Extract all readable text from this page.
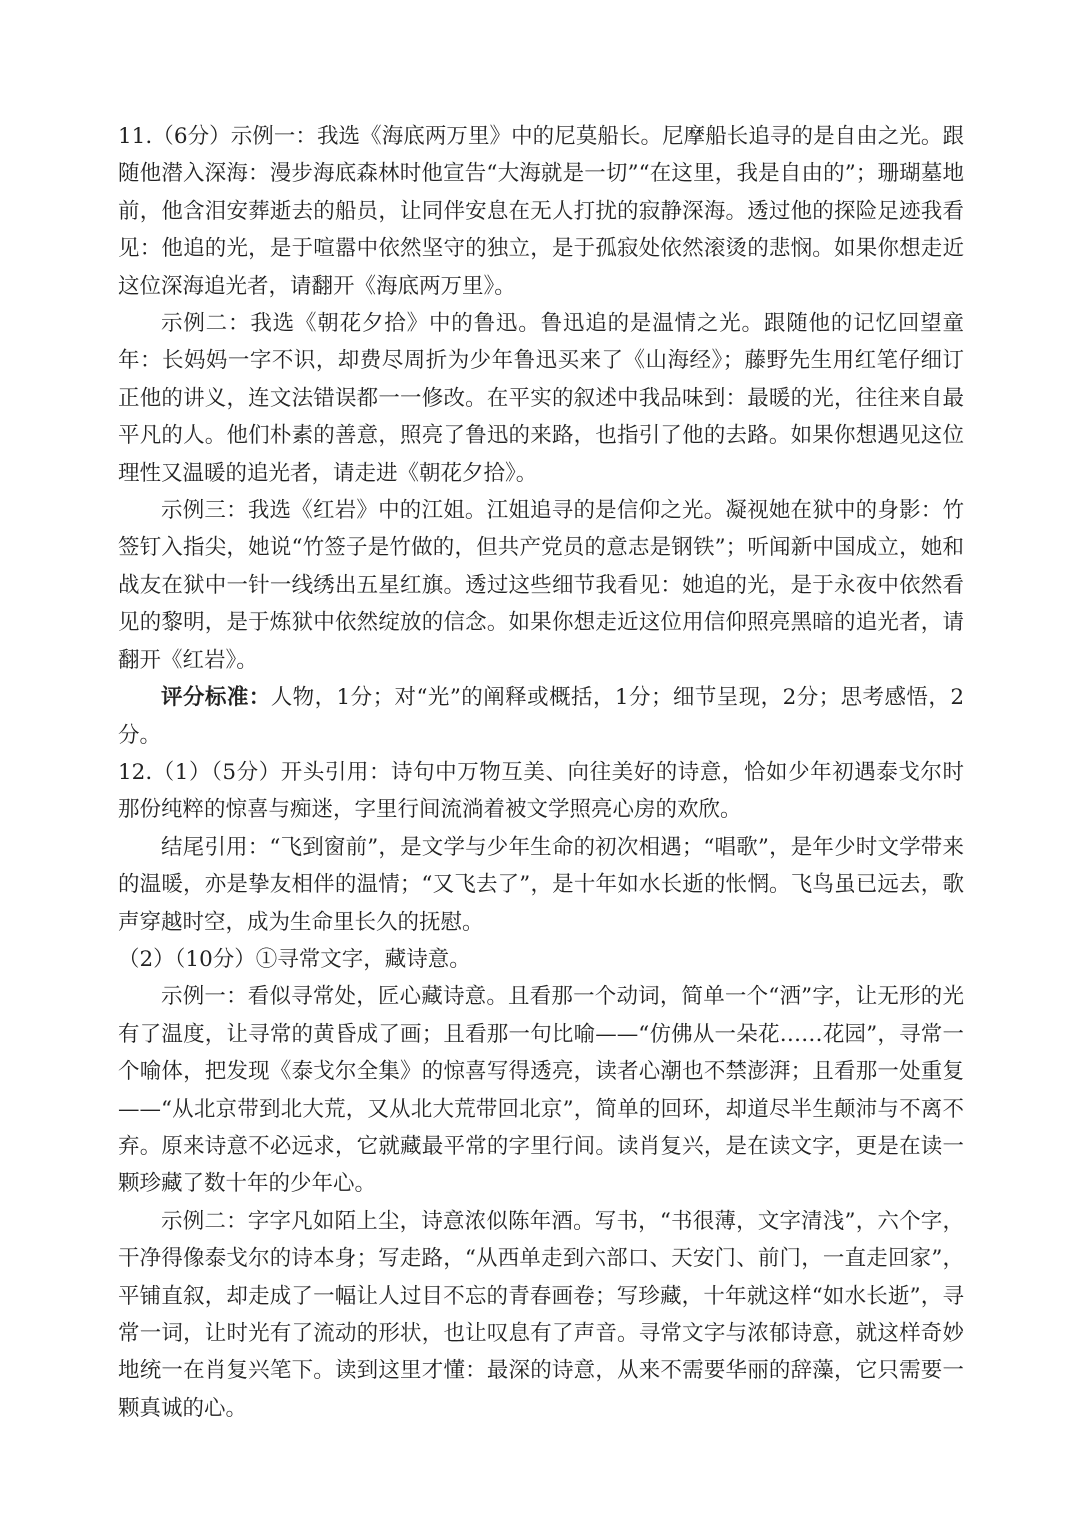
11.（6分）示例一：我选《海底两万里》中的尼莫船长。尼摩船长追寻的是自由之光。跟随他潜入深海：漫步海底森林时他宣告“大海就是一切”“在这里，我是自由的”；珊瑚墓地前，他含泪安葬逝去的船员，让同伴安息在无人打扰的寂静深海。透过他的探险足迹我看见：他追的光，是于喧嚣中依然坚守的独立，是于孤寂处依然滚烫的悲悯。如果你想走近这位深海追光者，请翻开《海底两万里》。

示例二：我选《朝花夕拾》中的鲁迅。鲁迅追的是温情之光。跟随他的记忆回望童年：长妈妈一字不识，却费尽周折为少年鲁迅买来了《山海经》；藤野先生用红笔仔细订正他的讲义，连文法错误都一一修改。在平实的叙述中我品味到：最暖的光，往往来自最平凡的人。他们朴素的善意，照亮了鲁迅的来路，也指引了他的去路。如果你想遇见这位理性又温暖的追光者，请走进《朝花夕拾》。

示例三：我选《红岩》中的江姐。江姐追寻的是信仰之光。凝视她在狱中的身影：竹签钉入指尖，她说“竹签子是竹做的，但共产党员的意志是钢铁”；听闻新中国成立，她和战友在狱中一针一线绣出五星红旗。透过这些细节我看见：她追的光，是于永夜中依然看见的黎明，是于炼狱中依然绽放的信念。如果你想走近这位用信仰照亮黑暗的追光者，请翻开《红岩》。

评分标准：人物，1分；对“光”的阐释或概括，1分；细节呈现，2分；思考感悟，2分。

12.（1）（5分）开头引用：诗句中万物互美、向往美好的诗意，恰如少年初遇泰戈尔时那份纯粹的惊喜与痴迷，字里行间流淌着被文学照亮心房的欢欣。

结尾引用：“飞到窗前”，是文学与少年生命的初次相遇；“唱歌”，是年少时文学带来的温暖，亦是挚友相伴的温情；“又飞去了”，是十年如水长逝的怅惘。飞鸟虽已远去，歌声穿越时空，成为生命里长久的抚慰。

（2）（10分）①寻常文字，藏诗意。

示例一：看似寻常处，匠心藏诗意。且看那一个动词，简单一个“洒”字，让无形的光有了温度，让寻常的黄昏成了画；且看那一句比喻——“仿佛从一朵花……花园”，寻常一个喻体，把发现《泰戈尔全集》的惊喜写得透亮，读者心潮也不禁澎湃；且看那一处重复——“从北京带到北大荒，又从北大荒带回北京”，简单的回环，却道尽半生颠沛与不离不弃。原来诗意不必远求，它就藏最平常的字里行间。读肖复兴，是在读文字，更是在读一颗珍藏了数十年的少年心。

示例二：字字凡如陌上尘，诗意浓似陈年酒。写书，“书很薄，文字清浅”，六个字，干净得像泰戈尔的诗本身；写走路，“从西单走到六部口、天安门、前门，一直走回家”，平铺直叙，却走成了一幅让人过目不忘的青春画卷；写珍藏，十年就这样“如水长逝”，寻常一词，让时光有了流动的形状，也让叹息有了声音。寻常文字与浓郁诗意，就这样奇妙地统一在肖复兴笔下。读到这里才懂：最深的诗意，从来不需要华丽的辞藻，它只需要一颗真诚的心。
